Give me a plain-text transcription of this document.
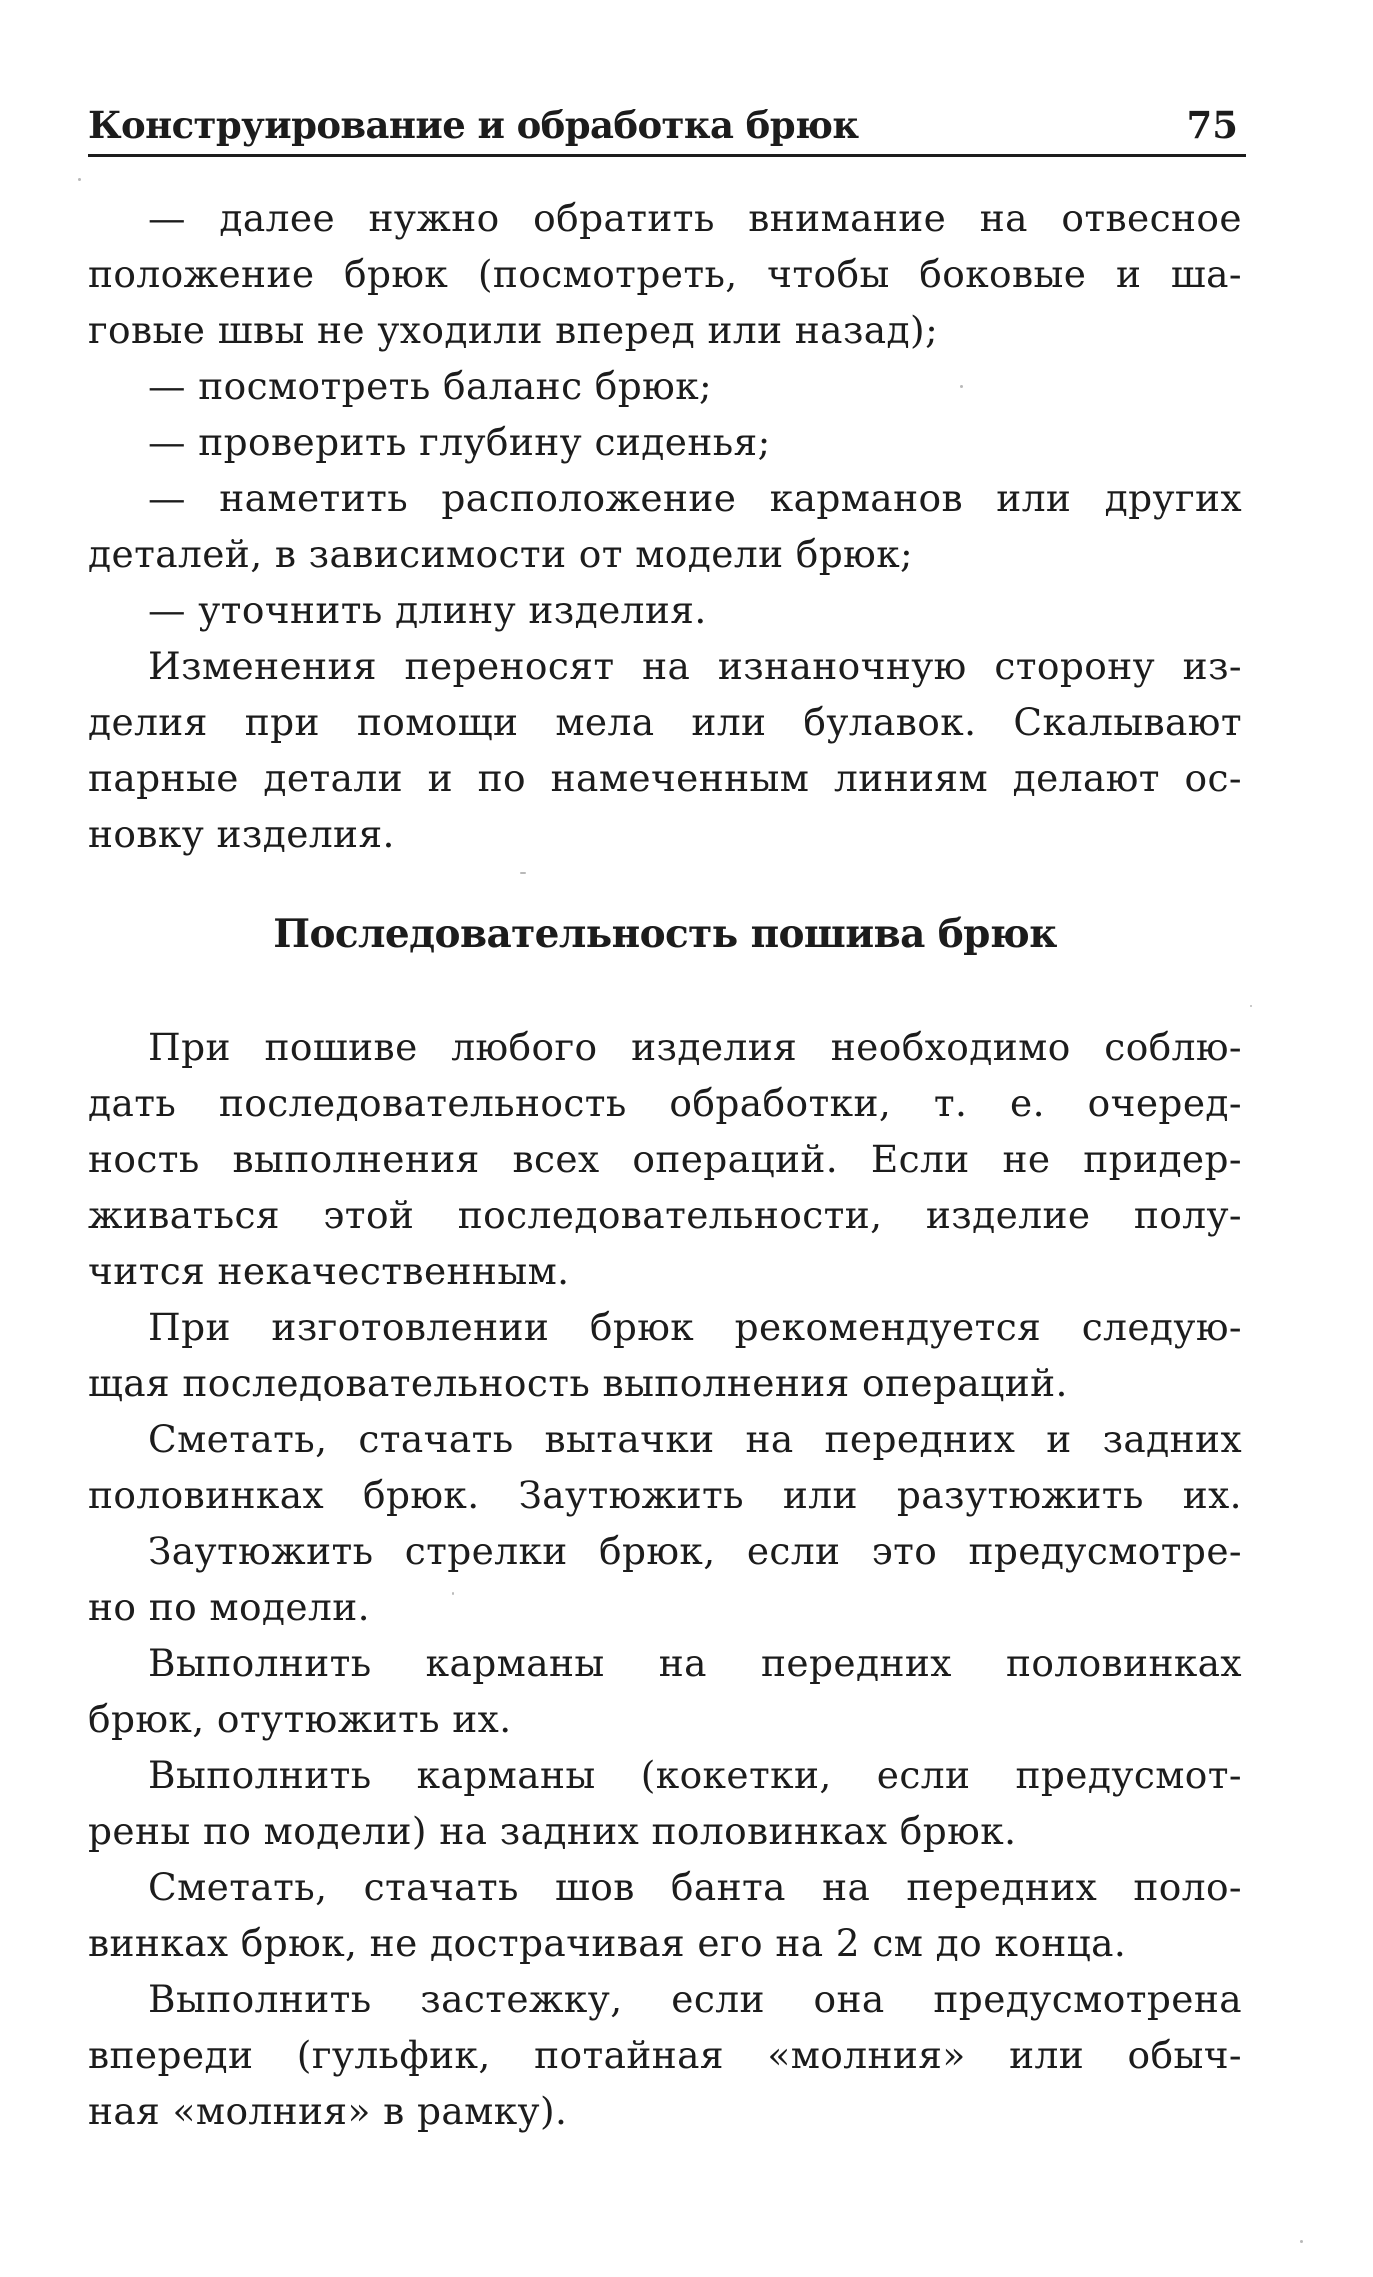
Конструирование и обработка брюк	75
— далее нужно обратить внимание на отвесное
положение брюк (посмотреть, чтобы боковые и ша-
говые швы не уходили вперед или назад);
— посмотреть баланс брюк;
— проверить глубину сиденья;
— наметить расположение карманов или других
деталей, в зависимости от модели брюк;
— уточнить длину изделия.
Изменения переносят на изнаночную сторону из-
делия при помощи мела или булавок. Скалывают
парные детали и по намеченным линиям делают ос-
новку изделия.
Последовательность пошива брюк
При пошиве любого изделия необходимо соблю-
дать последовательность обработки, т. е. очеред-
ность выполнения всех операций. Если не придер-
живаться этой последовательности, изделие полу-
чится некачественным.
При изготовлении брюк рекомендуется следую-
щая последовательность выполнения операций.
Сметать, стачать вытачки на передних и задних
половинках брюк. Заутюжить или разутюжить их.
Заутюжить стрелки брюк, если это предусмотре-
но по модели.
Выполнить карманы на передних половинках
брюк, отутюжить их.
Выполнить карманы (кокетки, если предусмот-
рены по модели) на задних половинках брюк.
Сметать, стачать шов банта на передних поло-
винках брюк, не дострачивая его на 2 см до конца.
Выполнить застежку, если она предусмотрена
впереди (гульфик, потайная «молния» или обыч-
ная «молния» в рамку).
